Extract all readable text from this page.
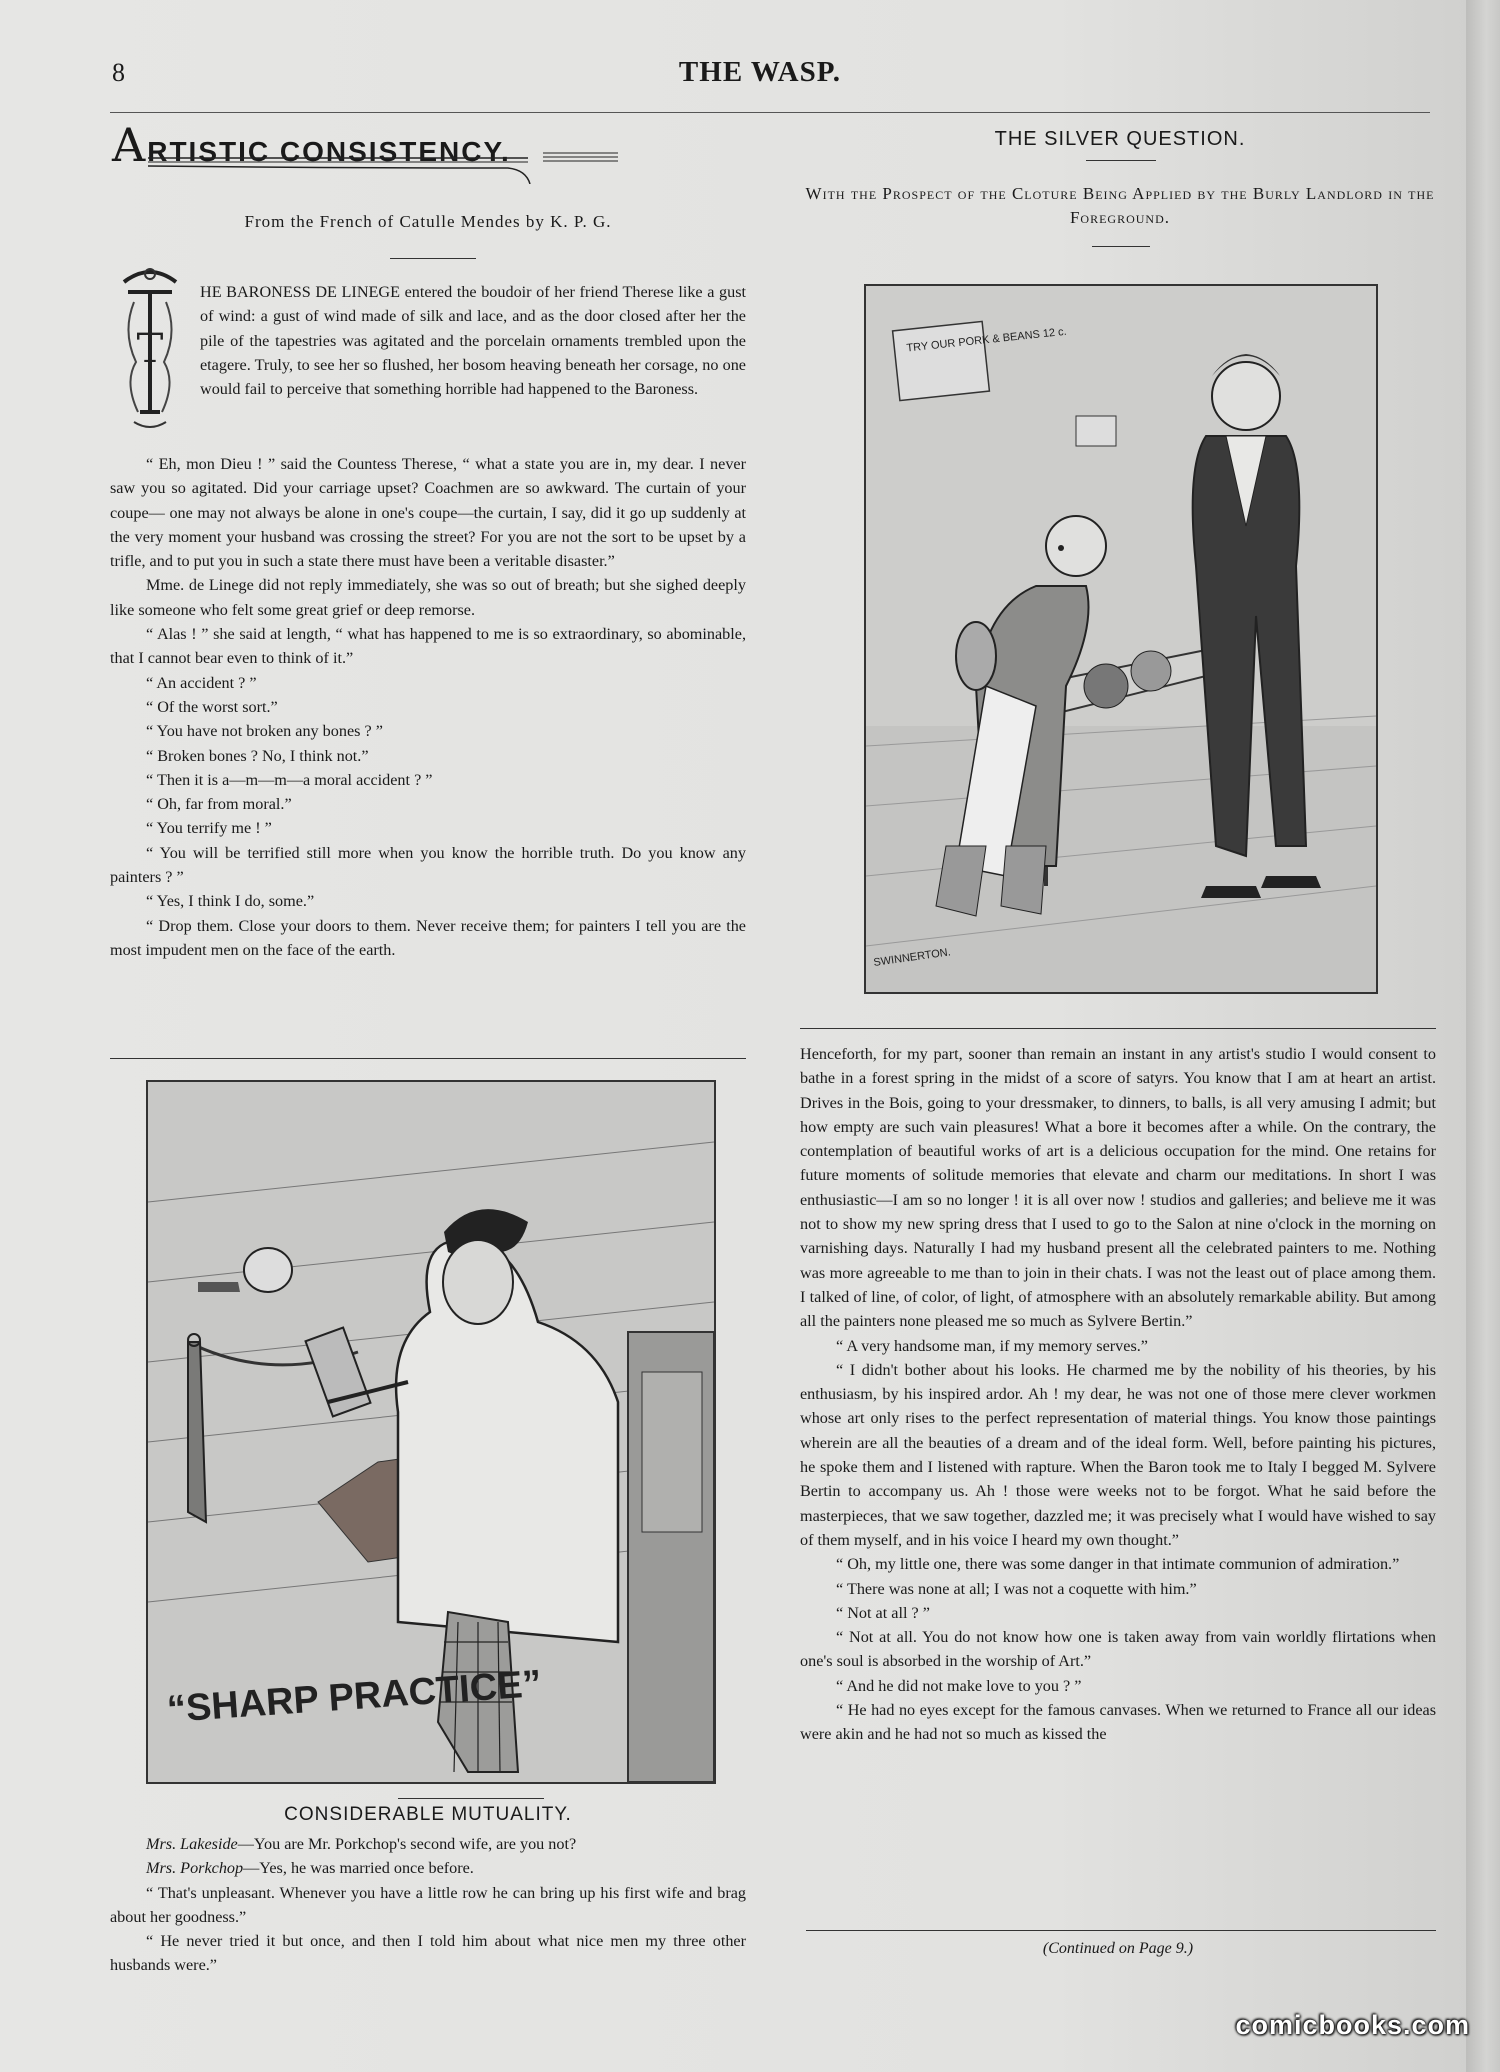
8	THE WASP.
ARTISTIC CONSISTENCY.
From the French of Catulle Mendes by K. P. G.
T
HE BARONESS DE LINEGE entered the boudoir of her friend Therese like a gust of wind: a gust of wind made of silk and lace, and as the door closed after her the pile of the tapestries was agitated and the porcelain ornaments trembled upon the etagere. Truly, to see her so flushed, her bosom heaving beneath her corsage, no one would fail to perceive that something horrible had happened to the Baroness.

“ Eh, mon Dieu ! ” said the Countess Therese, “ what a state you are in, my dear. I never saw you so agitated. Did your carriage upset? Coachmen are so awkward. The curtain of your coupe— one may not always be alone in one's coupe—the curtain, I say, did it go up suddenly at the very moment your husband was crossing the street? For you are not the sort to be upset by a trifle, and to put you in such a state there must have been a veritable disaster.”

Mme. de Linege did not reply immediately, she was so out of breath; but she sighed deeply like someone who felt some great grief or deep remorse.

“ Alas ! ” she said at length, “ what has happened to me is so extraordinary, so abominable, that I cannot bear even to think of it.”

“ An accident ? ”

“ Of the worst sort.”

“ You have not broken any bones ? ”

“ Broken bones ? No, I think not.”

“ Then it is a—m—m—a moral accident ? ”

“ Oh, far from moral.”

“ You terrify me ! ”

“ You will be terrified still more when you know the horrible truth. Do you know any painters ? ”

“ Yes, I think I do, some.”

“ Drop them. Close your doors to them. Never receive them; for painters I tell you are the most impudent men on the face of the earth.

“SHARP PRACTICE”
CONSIDERABLE MUTUALITY.

Mrs. Lakeside—You are Mr. Porkchop's second wife, are you not?

Mrs. Porkchop—Yes, he was married once before.

“ That's unpleasant. Whenever you have a little row he can bring up his first wife and brag about her goodness.”

“ He never tried it but once, and then I told him about what nice men my three other husbands were.”

THE SILVER QUESTION.
With the Prospect of the Cloture Being Applied by the Burly Landlord in the Foreground.
TRY OUR PORK & BEANS 12 c.
SWINNERTON.

Henceforth, for my part, sooner than remain an instant in any artist's studio I would consent to bathe in a forest spring in the midst of a score of satyrs. You know that I am at heart an artist. Drives in the Bois, going to your dressmaker, to dinners, to balls, is all very amusing I admit; but how empty are such vain pleasures! What a bore it becomes after a while. On the contrary, the contemplation of beautiful works of art is a delicious occupation for the mind. One retains for future moments of solitude memories that elevate and charm our meditations. In short I was enthusiastic—I am so no longer ! it is all over now ! studios and galleries; and believe me it was not to show my new spring dress that I used to go to the Salon at nine o'clock in the morning on varnishing days. Naturally I had my husband present all the celebrated painters to me. Nothing was more agreeable to me than to join in their chats. I was not the least out of place among them. I talked of line, of color, of light, of atmosphere with an absolutely remarkable ability. But among all the painters none pleased me so much as Sylvere Bertin.”

“ A very handsome man, if my memory serves.”

“ I didn't bother about his looks. He charmed me by the nobility of his theories, by his enthusiasm, by his inspired ardor. Ah ! my dear, he was not one of those mere clever workmen whose art only rises to the perfect representation of material things. You know those paintings wherein are all the beauties of a dream and of the ideal form. Well, before painting his pictures, he spoke them and I listened with rapture. When the Baron took me to Italy I begged M. Sylvere Bertin to accompany us. Ah ! those were weeks not to be forgot. What he said before the masterpieces, that we saw together, dazzled me; it was precisely what I would have wished to say of them myself, and in his voice I heard my own thought.”

“ Oh, my little one, there was some danger in that intimate communion of admiration.”

“ There was none at all; I was not a coquette with him.”

“ Not at all ? ”

“ Not at all. You do not know how one is taken away from vain worldly flirtations when one's soul is absorbed in the worship of Art.”

“ And he did not make love to you ? ”

“ He had no eyes except for the famous canvases. When we returned to France all our ideas were akin and he had not so much as kissed the

(Continued on Page 9.)
comicbooks.com
